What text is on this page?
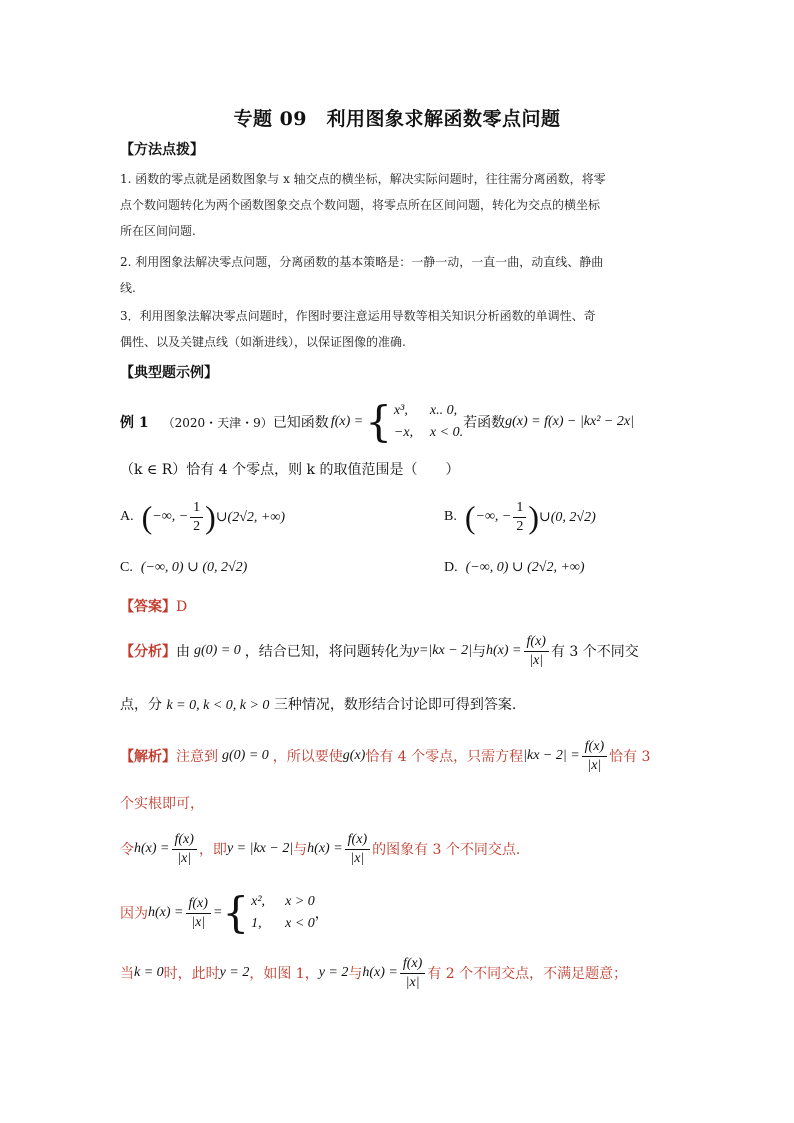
专题 09　利用图象求解函数零点问题
【方法点拨】
1. 函数的零点就是函数图象与 x 轴交点的横坐标，解决实际问题时，往往需分离函数，将零
点个数问题转化为两个函数图象交点个数问题，将零点所在区间问题，转化为交点的横坐标
所在区间问题.
2. 利用图象法解决零点问题，分离函数的基本策略是：一静一动，一直一曲，动直线、静曲
线.
3．利用图象法解决零点问题时，作图时要注意运用导数等相关知识分析函数的单调性、奇
偶性、以及关键点线（如渐进线），以保证图像的准确.
【典型题示例】
例 1 （2020・天津・9） 已知函数 f(x) = { x³, x.. 0,
−x, x < 0.
若函数 g(x) = f(x) − |kx² − 2x|
（k ∈ R）恰有 4 个零点，则 k 的取值范围是（　　）
A. ( −∞, − $\frac{1}{2}$ ) ∪(2√2, +∞)	B. ( −∞, − $\frac{1}{2}$ ) ∪(0, 2√2)
C. (−∞, 0) ∪ (0, 2√2)	D. (−∞, 0) ∪ (2√2, +∞)
【答案】D
【分析】 由 g(0) = 0 ，结合已知，将问题转化为 y=|kx − 2| 与 $h(x) = \frac{f(x)}{|x|}$ 有 3 个不同交
点，分 k = 0, k < 0, k > 0 三种情况，数形结合讨论即可得到答案.
【解析】 注意到 g(0) = 0 ，所以要使 g(x) 恰有 4 个零点，只需方程 $|kx - 2| = \frac{f(x)}{|x|}$ 恰有 3
个实根即可，
令 $h(x) = \frac{f(x)}{|x|}$ ，即 y = |kx − 2| 与 $h(x) = \frac{f(x)}{|x|}$ 的图象有 3 个不同交点.
因为 $h(x) = \frac{f(x)}{|x|}$ = { x², x > 0
1, x < 0
，
当 k = 0 时，此时 y = 2 ，如图 1， y = 2 与 $h(x) = \frac{f(x)}{|x|}$ 有 2 个不同交点，不满足题意；
